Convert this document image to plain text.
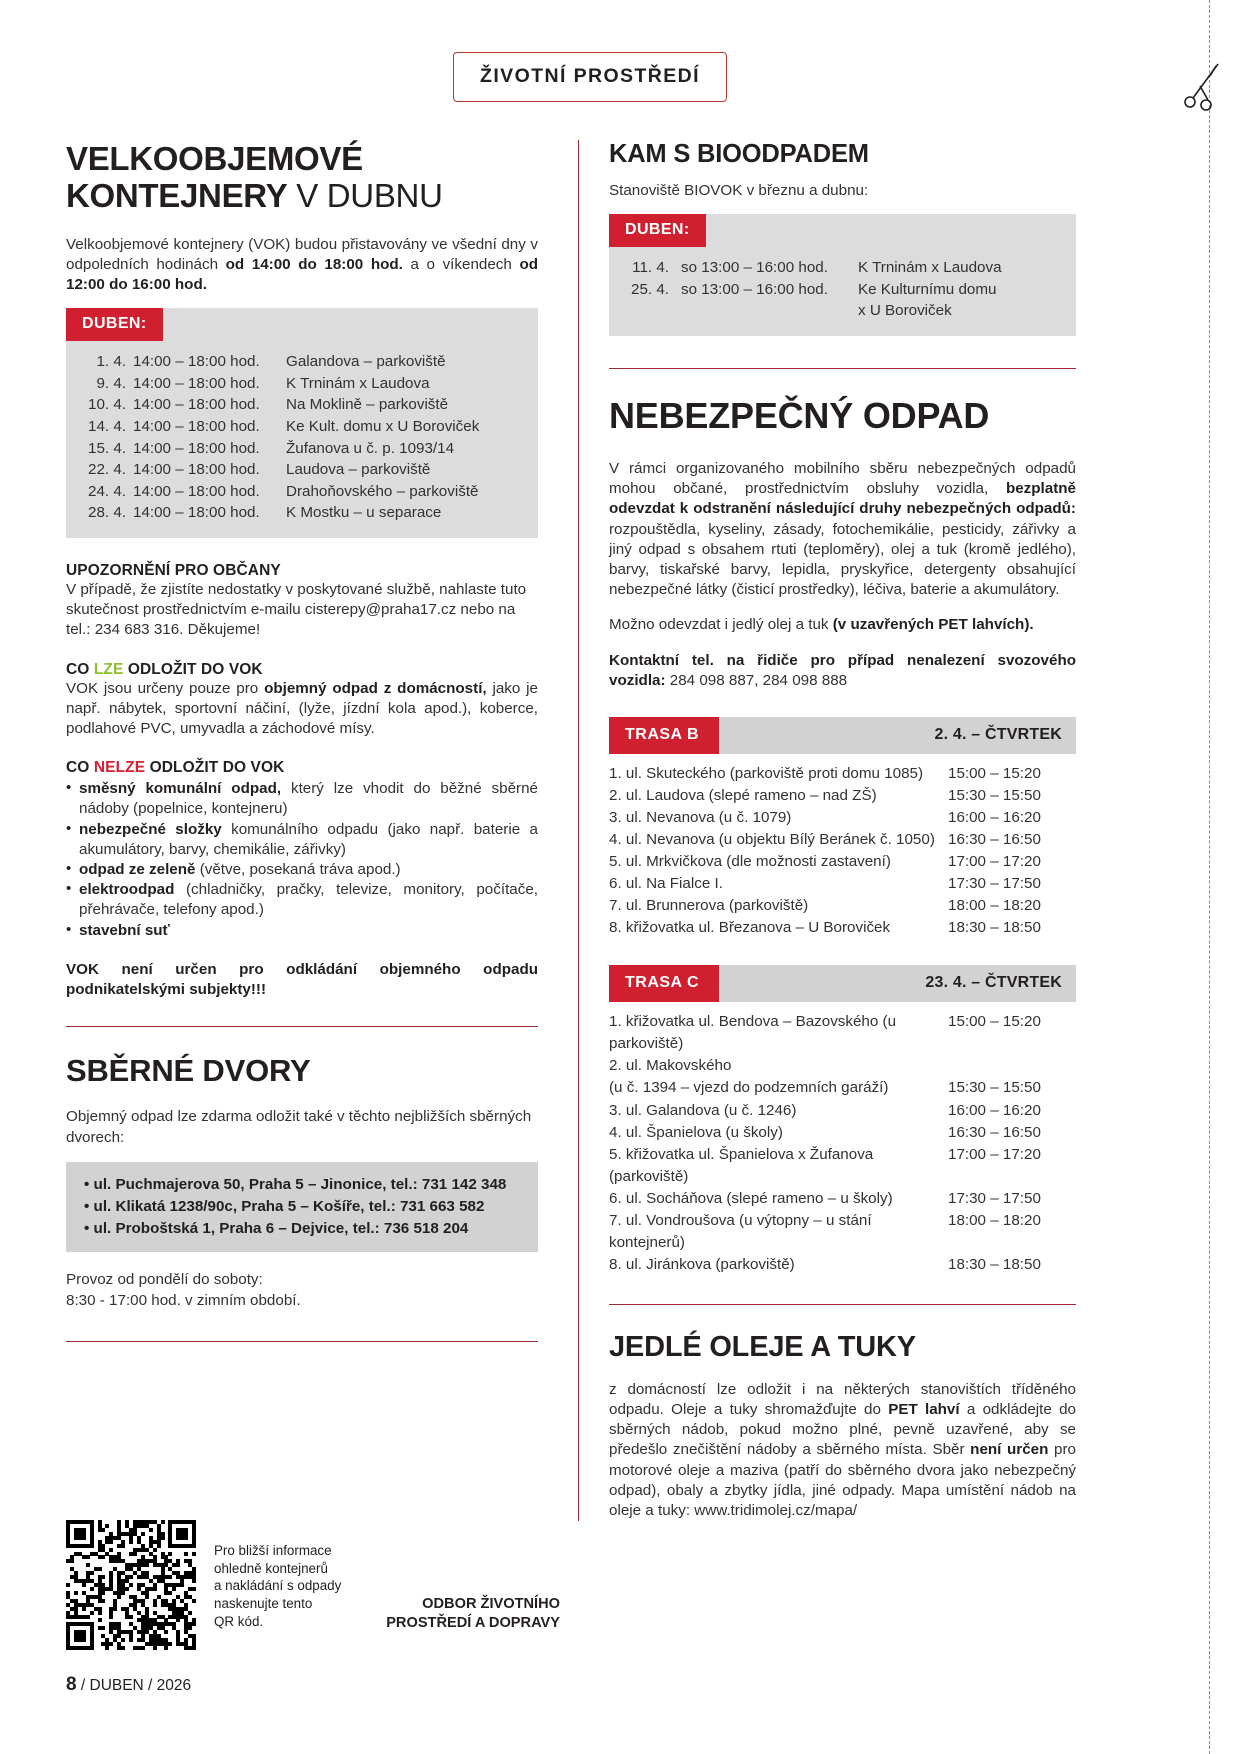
ŽIVOTNÍ PROSTŘEDÍ
VELKOOBJEMOVÉ KONTEJNERY V DUBNU

Velkoobjemové kontejnery (VOK) budou přistavovány ve všední dny v odpoledních hodinách od 14:00 do 18:00 hod. a o víkendech od 12:00 do 16:00 hod.

DUBEN:
1. 4. 14:00 – 18:00 hod.	Galandova – parkoviště
9. 4. 14:00 – 18:00 hod.	K Trninám x Laudova
10. 4. 14:00 – 18:00 hod.	Na Moklině – parkoviště
14. 4. 14:00 – 18:00 hod.	Ke Kult. domu x U Boroviček
15. 4. 14:00 – 18:00 hod.	Žufanova u č. p. 1093/14
22. 4. 14:00 – 18:00 hod.	Laudova – parkoviště
24. 4. 14:00 – 18:00 hod.	Drahoňovského – parkoviště
28. 4. 14:00 – 18:00 hod.	K Mostku – u separace
UPOZORNĚNÍ PRO OBČANY

V případě, že zjistíte nedostatky v poskytované službě, nahlaste tuto skutečnost prostřednictvím e-mailu cisterepy@praha17.cz nebo na tel.: 234 683 316. Děkujeme!

CO LZE ODLOŽIT DO VOK

VOK jsou určeny pouze pro objemný odpad z domácností, jako je např. nábytek, sportovní náčiní, (lyže, jízdní kola apod.), koberce, podlahové PVC, umyvadla a záchodové mísy.

CO NELZE ODLOŽIT DO VOK
• směsný komunální odpad, který lze vhodit do běžné sběrné nádoby (popelnice, kontejneru)
• nebezpečné složky komunálního odpadu (jako např. baterie a akumulátory, barvy, chemikálie, zářivky)
• odpad ze zeleně (větve, posekaná tráva apod.)
• elektroodpad (chladničky, pračky, televize, monitory, počítače, přehrávače, telefony apod.)
• stavební suť

VOK není určen pro odkládání objemného odpadu podnikatelskými subjekty!!!

SBĚRNÉ DVORY

Objemný odpad lze zdarma odložit také v těchto nejbližších sběrných dvorech:

• ul. Puchmajerova 50, Praha 5 – Jinonice, tel.: 731 142 348
• ul. Klikatá 1238/90c, Praha 5 – Košíře, tel.: 731 663 582
• ul. Proboštská 1, Praha 6 – Dejvice, tel.: 736 518 204

Provoz od pondělí do soboty:

8:30 - 17:00 hod. v zimním období.

KAM S BIOODPADEM

Stanoviště BIOVOK v březnu a dubnu:

DUBEN:
11. 4. so 13:00 – 16:00 hod.	K Trninám x Laudova
25. 4. so 13:00 – 16:00 hod.	Ke Kulturnímu domu
x U Boroviček
NEBEZPEČNÝ ODPAD

V rámci organizovaného mobilního sběru nebezpečných odpadů mohou občané, prostřednictvím obsluhy vozidla, bezplatně odevzdat k odstranění následující druhy nebezpečných odpadů: rozpouštědla, kyseliny, zásady, fotochemikálie, pesticidy, zářivky a jiný odpad s obsahem rtuti (teploměry), olej a tuk (kromě jedlého), barvy, tiskařské barvy, lepidla, pryskyřice, detergenty obsahující nebezpečné látky (čisticí prostředky), léčiva, baterie a akumulátory.

Možno odevzdat i jedlý olej a tuk (v uzavřených PET lahvích).

Kontaktní tel. na řidiče pro případ nenalezení svozového vozidla: 284 098 887, 284 098 888

TRASA B	2. 4. – ČTVRTEK
1. ul. Skuteckého (parkoviště proti domu 1085)	15:00 – 15:20
2. ul. Laudova (slepé rameno – nad ZŠ)	15:30 – 15:50
3. ul. Nevanova (u č. 1079)	16:00 – 16:20
4. ul. Nevanova (u objektu Bílý Beránek č. 1050) 16:30 – 16:50
5. ul. Mrkvičkova (dle možnosti zastavení)	17:00 – 17:20
6. ul. Na Fialce I.	17:30 – 17:50
7. ul. Brunnerova (parkoviště)	18:00 – 18:20
8. křižovatka ul. Březanova – U Boroviček	18:30 – 18:50
TRASA C	23. 4. – ČTVRTEK
1. křižovatka ul. Bendova – Bazovského (u parkoviště)
15:00 – 15:20
2. ul. Makovského
(u č. 1394 – vjezd do podzemních garáží)	15:30 – 15:50
3. ul. Galandova (u č. 1246)	16:00 – 16:20
4. ul. Španielova (u školy)	16:30 – 16:50
5. křižovatka ul. Španielova x Žufanova (parkoviště)
17:00 – 17:20
6. ul. Socháňova (slepé rameno – u školy)	17:30 – 17:50
7. ul. Vondroušova (u výtopny – u stání kontejnerů)
18:00 – 18:20
8. ul. Jiránkova (parkoviště)	18:30 – 18:50
JEDLÉ OLEJE A TUKY

z domácností lze odložit i na některých stanovištích tříděného odpadu. Oleje a tuky shromažďujte do PET lahví a odkládejte do sběrných nádob, pokud možno plné, pevně uzavřené, aby se předešlo znečištění nádoby a sběrného místa. Sběr není určen pro motorové oleje a maziva (patří do sběrného dvora jako nebezpečný odpad), obaly a zbytky jídla, jiné odpady. Mapa umístění nádob na oleje a tuky: www.tridimolej.cz/mapa/

Pro bližší informace
ohledně kontejnerů
a nakládání s odpady
naskenujte tento
QR kód.
ODBOR ŽIVOTNÍHO
PROSTŘEDÍ A DOPRAVY
8 / DUBEN / 2026
